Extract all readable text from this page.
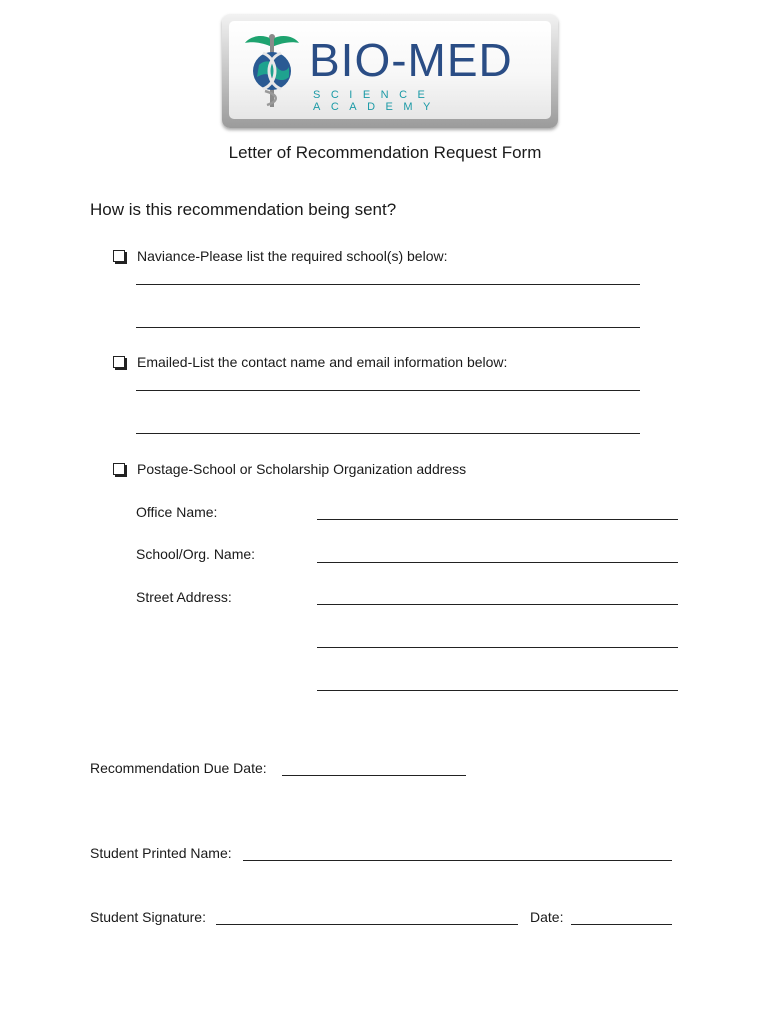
BIO-MED
SCIENCE ACADEMY
Letter of Recommendation Request Form
How is this recommendation being sent?
Naviance-Please list the required school(s) below:
Emailed-List the contact name and email information below:
Postage-School or Scholarship Organization address
Office Name:
School/Org. Name:
Street Address:
Recommendation Due Date:
Student Printed Name:
Student Signature:	Date:
